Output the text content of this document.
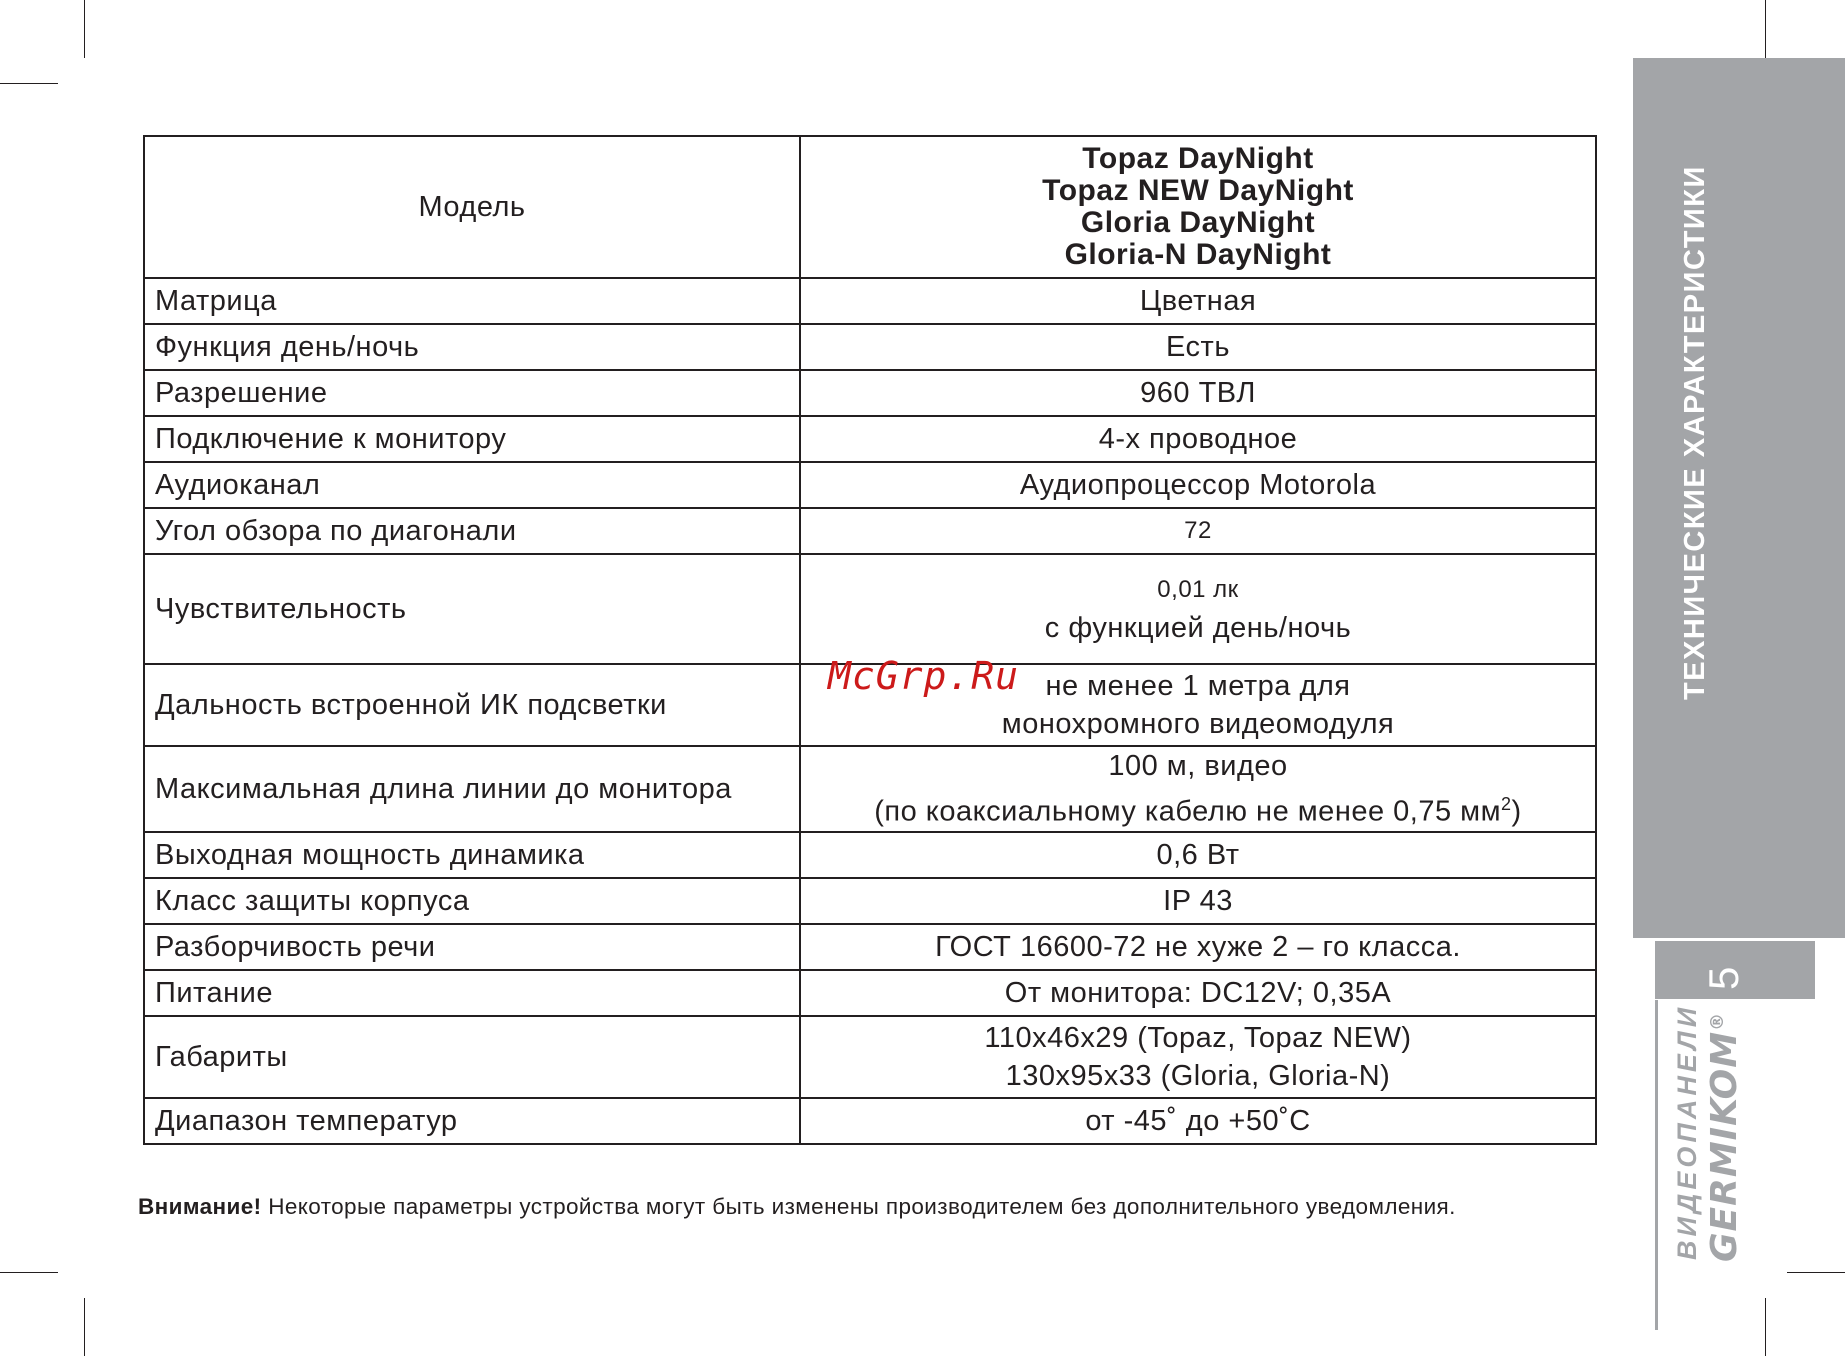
Модель	Topaz DayNight
Topaz NEW DayNight
Gloria DayNight
Gloria-N DayNight

Матрица	Цветная
Функция день/ночь	Есть
Разрешение	960 ТВЛ
Подключение к монитору	4-х проводное
Аудиоканал	Аудиопроцессор Motorola
Угол обзора по диагонали	72
Чувствительность	0,01 лк
с функцией день/ночь

Дальность встроенной ИК подсветки	не менее 1 метра для
монохромного видеомодуля

Максимальная длина линии до монитора	100 м, видео
(по коаксиальному кабелю не менее 0,75 $мм^2$)

Выходная мощность динамика	0,6 Вт
Класс защиты корпуса	IP 43
Разборчивость речи	ГОСТ 16600-72 не хуже 2 – го класса.
Питание	От монитора: DC12V; 0,35А
Габариты	110х46х29 (Topaz, Topaz NEW)
130х95х33 (Gloria, Gloria-N)

Диапазон температур	от -45˚ до +50˚С
McGrp.Ru
Внимание! Некоторые параметры устройства могут быть изменены производителем без дополнительного уведомления.
ТЕХНИЧЕСКИЕ ХАРАКТЕРИСТИКИ
5
ВИДЕОПАНЕЛИ GERMIKOM®
